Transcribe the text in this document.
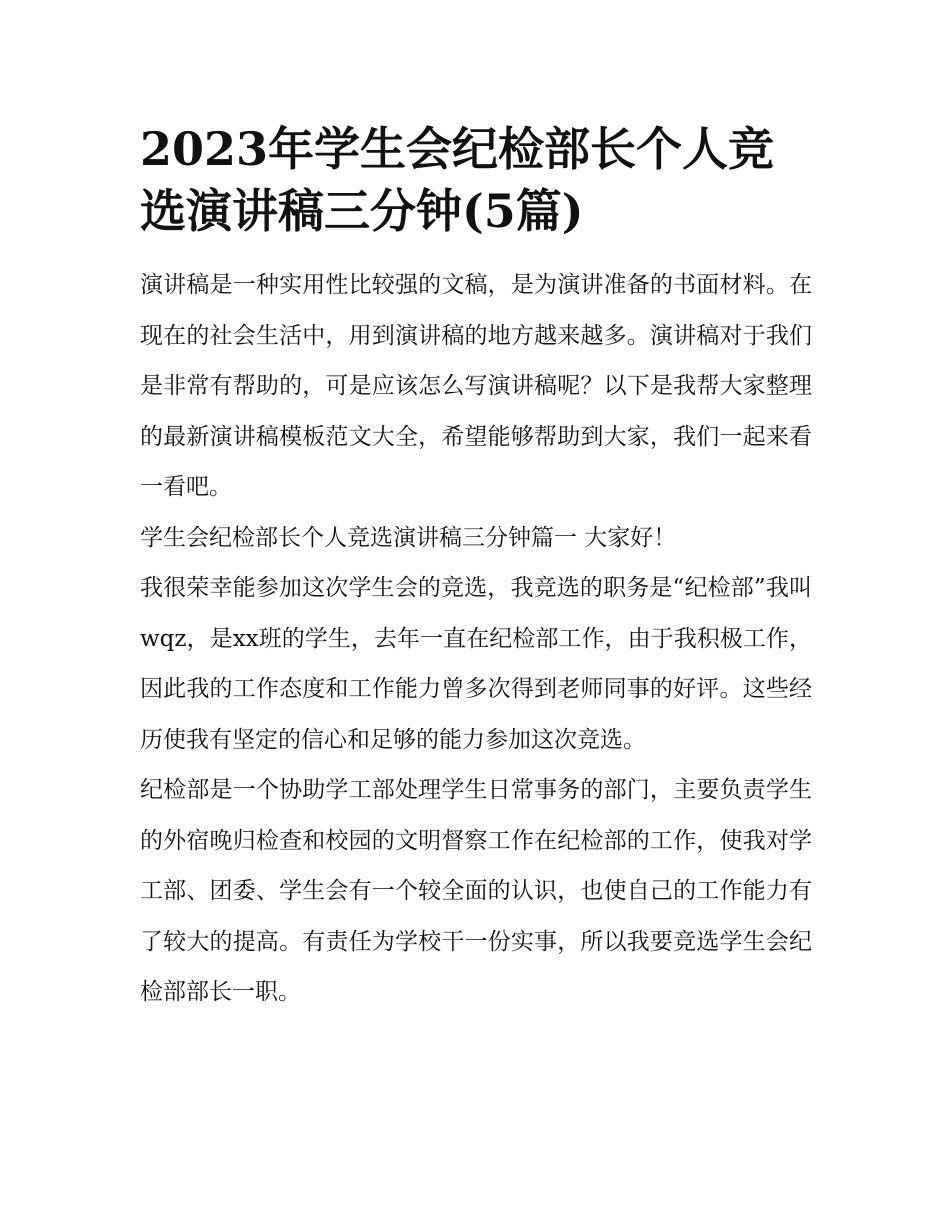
2023年学生会纪检部长个人竞选演讲稿三分钟(5篇)

演讲稿是一种实用性比较强的文稿，是为演讲准备的书面材料。在现在的社会生活中，用到演讲稿的地方越来越多。演讲稿对于我们是非常有帮助的，可是应该怎么写演讲稿呢？以下是我帮大家整理的最新演讲稿模板范文大全，希望能够帮助到大家，我们一起来看一看吧。

学生会纪检部长个人竞选演讲稿三分钟篇一 大家好！

我很荣幸能参加这次学生会的竞选，我竞选的职务是“纪检部”我叫wqz，是xx班的学生，去年一直在纪检部工作，由于我积极工作，因此我的工作态度和工作能力曾多次得到老师同事的好评。这些经历使我有坚定的信心和足够的能力参加这次竞选。

纪检部是一个协助学工部处理学生日常事务的部门，主要负责学生的外宿晚归检查和校园的文明督察工作在纪检部的工作，使我对学工部、团委、学生会有一个较全面的认识，也使自己的工作能力有了较大的提高。有责任为学校干一份实事，所以我要竞选学生会纪检部部长一职。
